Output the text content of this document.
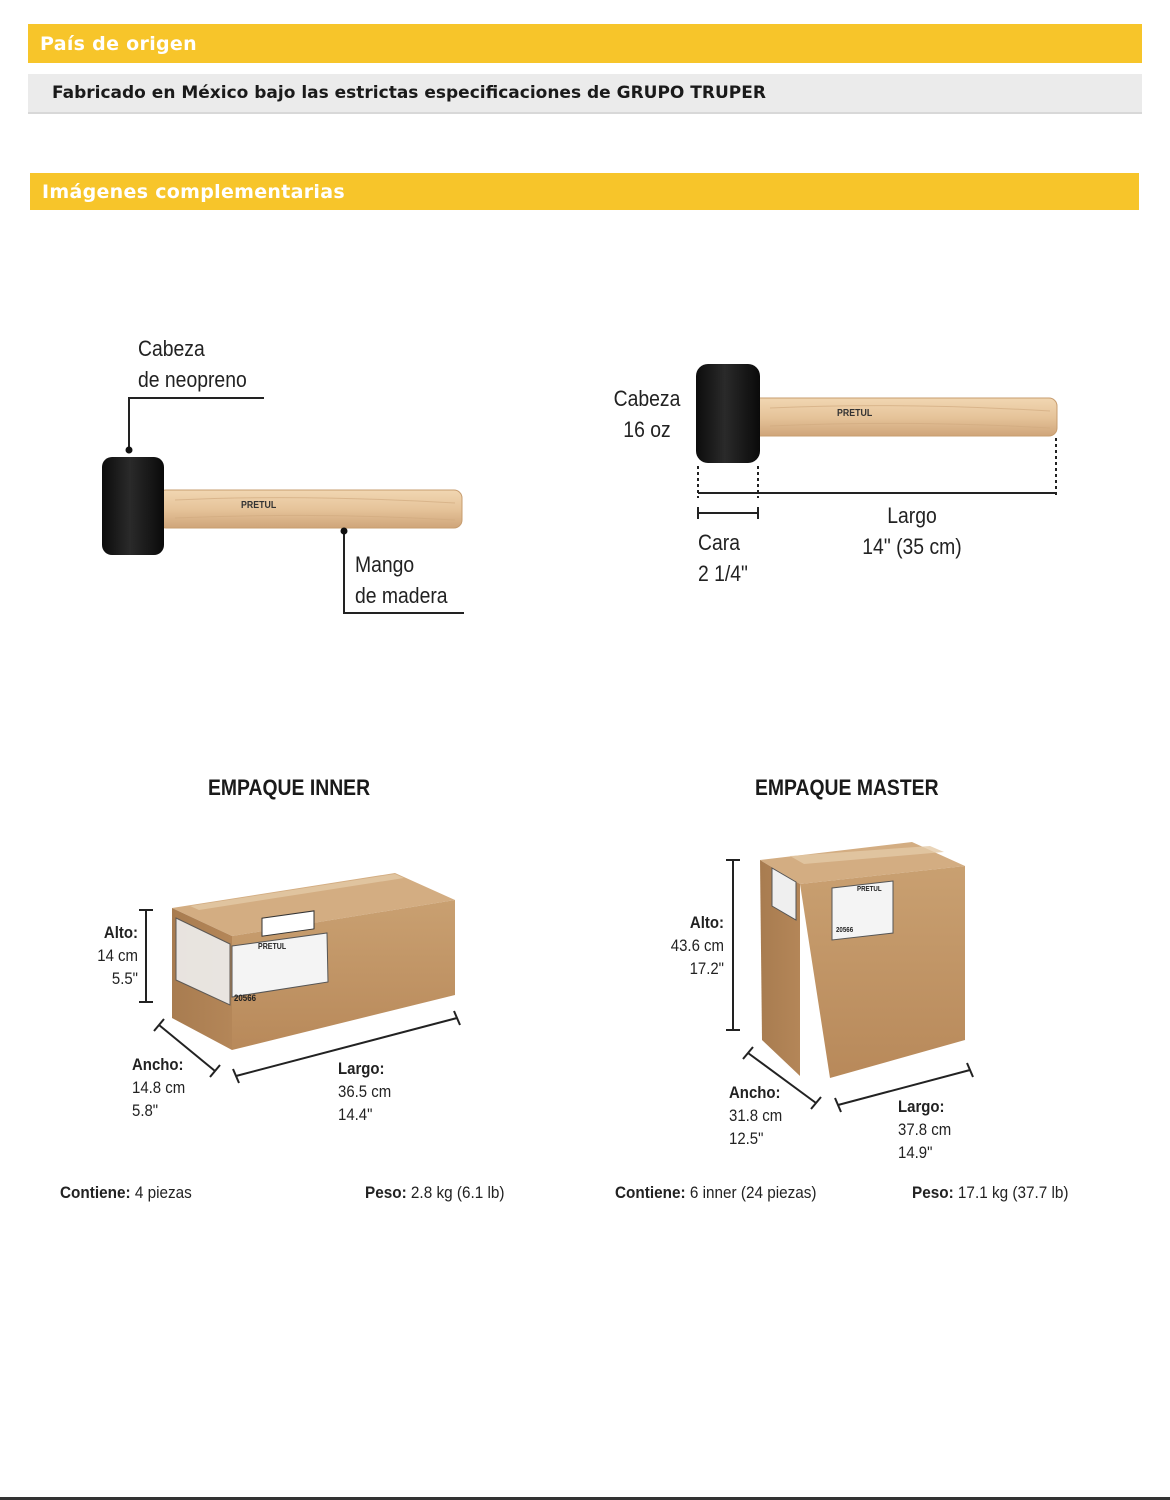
País de origen
Fabricado en México bajo las estrictas especificaciones de GRUPO TRUPER
Imágenes complementarias
PRETUL
PRETUL
PRETUL
20566
PRETUL
20566
Cabeza
de neopreno
Mango
de madera
Cabeza
16 oz
Cara
2 1/4"
Largo
14" (35 cm)
EMPAQUE INNER
Alto:
14 cm
5.5"
Ancho:
14.8 cm
5.8"
Largo:
36.5 cm
14.4"
Contiene: 4 piezas	Peso: 2.8 kg (6.1 lb)
EMPAQUE MASTER
Alto:
43.6 cm
17.2"
Ancho:
31.8 cm
12.5"
Largo:
37.8 cm
14.9"
Contiene: 6 inner (24 piezas)	Peso: 17.1 kg (37.7 lb)
